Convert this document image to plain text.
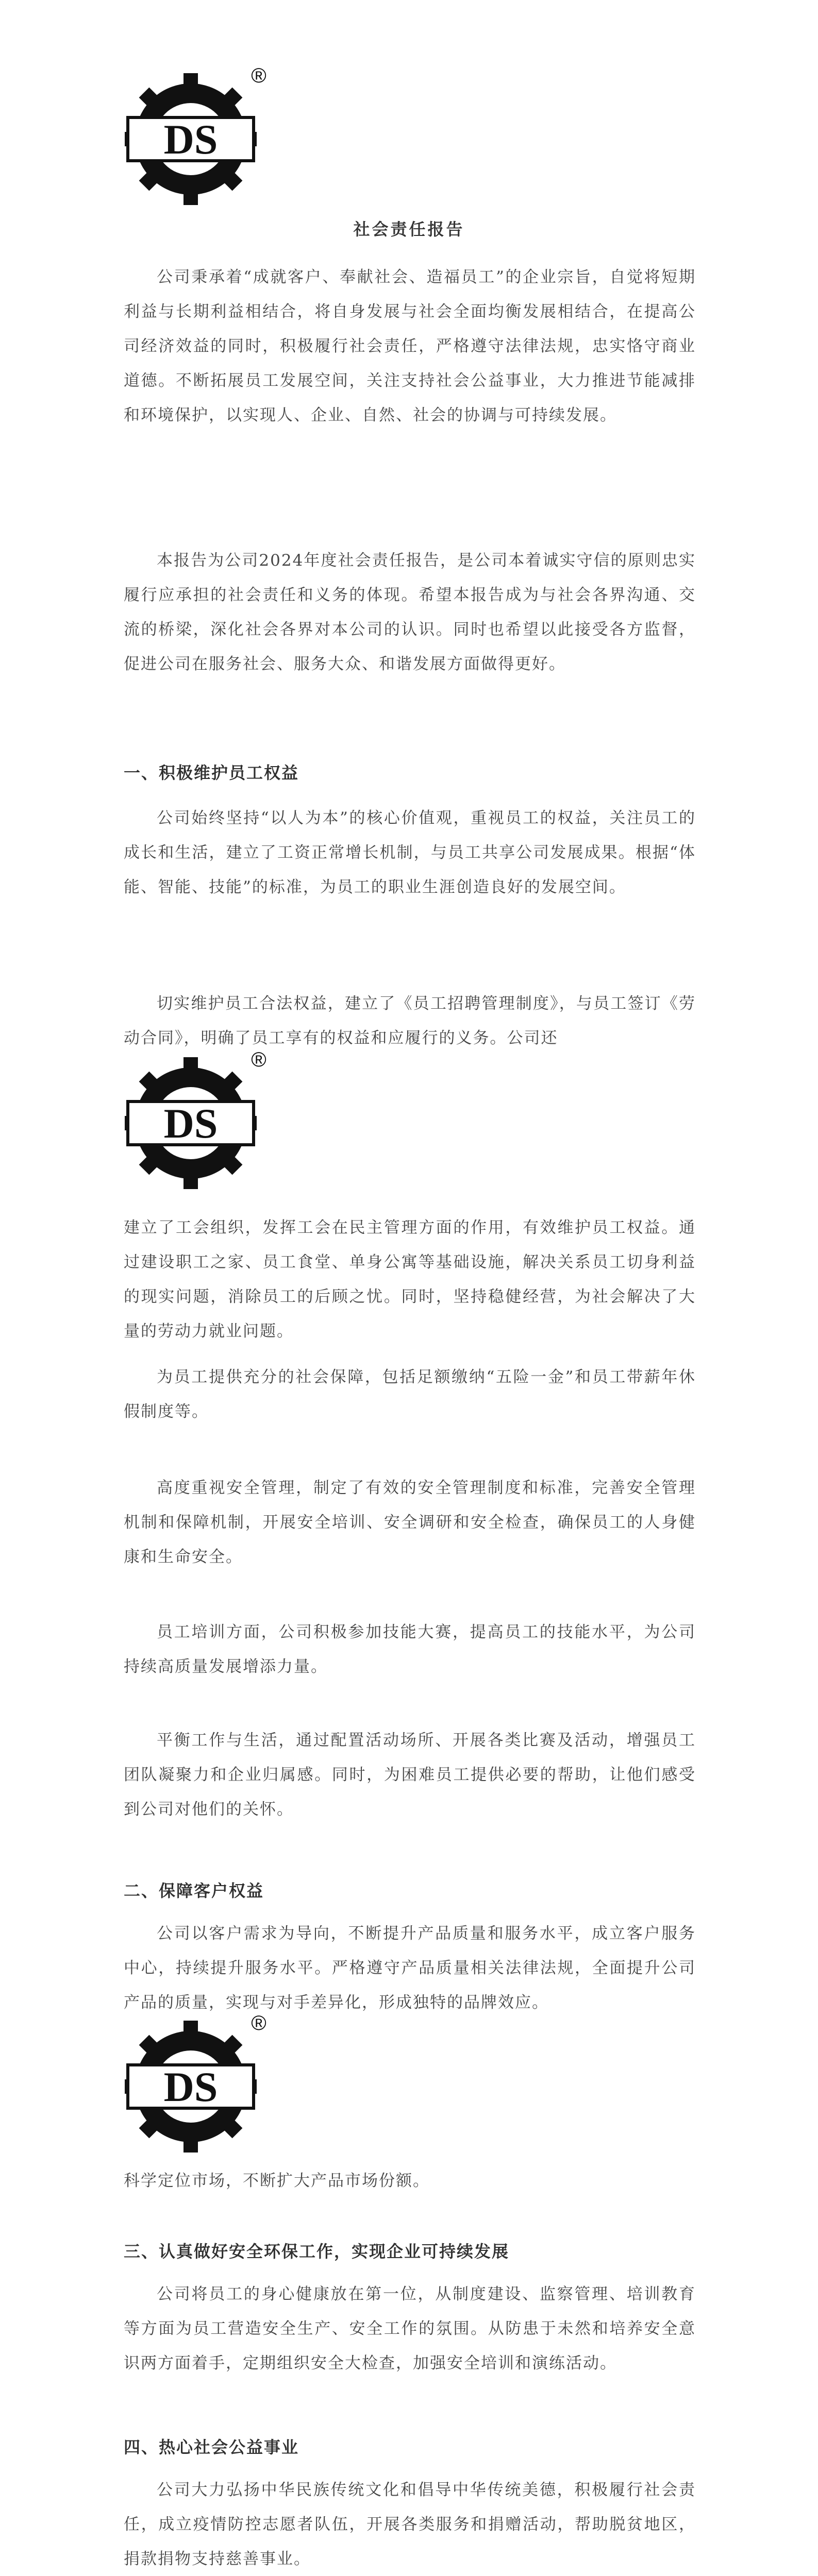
DS
®
社会责任报告
公司秉承着“成就客户、奉献社会、造福员工”的企业宗旨，自觉将短期利益与长期利益相结合，将自身发展与社会全面均衡发展相结合，在提高公司经济效益的同时，积极履行社会责任，严格遵守法律法规，忠实恪守商业道德。不断拓展员工发展空间，关注支持社会公益事业，大力推进节能减排和环境保护，以实现人、企业、自然、社会的协调与可持续发展。
本报告为公司2024年度社会责任报告，是公司本着诚实守信的原则忠实履行应承担的社会责任和义务的体现。希望本报告成为与社会各界沟通、交流的桥梁，深化社会各界对本公司的认识。同时也希望以此接受各方监督，促进公司在服务社会、服务大众、和谐发展方面做得更好。
一、积极维护员工权益
公司始终坚持“以人为本”的核心价值观，重视员工的权益，关注员工的成长和生活，建立了工资正常增长机制，与员工共享公司发展成果。根据“体能、智能、技能”的标准，为员工的职业生涯创造良好的发展空间。
切实维护员工合法权益，建立了《员工招聘管理制度》，与员工签订《劳动合同》，明确了员工享有的权益和应履行的义务。公司还
DS
®
建立了工会组织，发挥工会在民主管理方面的作用，有效维护员工权益。通过建设职工之家、员工食堂、单身公寓等基础设施，解决关系员工切身利益的现实问题，消除员工的后顾之忧。同时，坚持稳健经营，为社会解决了大量的劳动力就业问题。
为员工提供充分的社会保障，包括足额缴纳“五险一金”和员工带薪年休假制度等。
高度重视安全管理，制定了有效的安全管理制度和标准，完善安全管理机制和保障机制，开展安全培训、安全调研和安全检查，确保员工的人身健康和生命安全。
员工培训方面，公司积极参加技能大赛，提高员工的技能水平，为公司持续高质量发展增添力量。
平衡工作与生活，通过配置活动场所、开展各类比赛及活动，增强员工团队凝聚力和企业归属感。同时，为困难员工提供必要的帮助，让他们感受到公司对他们的关怀。
二、保障客户权益
公司以客户需求为导向，不断提升产品质量和服务水平，成立客户服务中心，持续提升服务水平。严格遵守产品质量相关法律法规，全面提升公司产品的质量，实现与对手差异化，形成独特的品牌效应。
DS
®
科学定位市场，不断扩大产品市场份额。
三、认真做好安全环保工作，实现企业可持续发展
公司将员工的身心健康放在第一位，从制度建设、监察管理、培训教育等方面为员工营造安全生产、安全工作的氛围。从防患于未然和培养安全意识两方面着手，定期组织安全大检查，加强安全培训和演练活动。
四、热心社会公益事业
公司大力弘扬中华民族传统文化和倡导中华传统美德，积极履行社会责任，成立疫情防控志愿者队伍，开展各类服务和捐赠活动，帮助脱贫地区，捐款捐物支持慈善事业。
